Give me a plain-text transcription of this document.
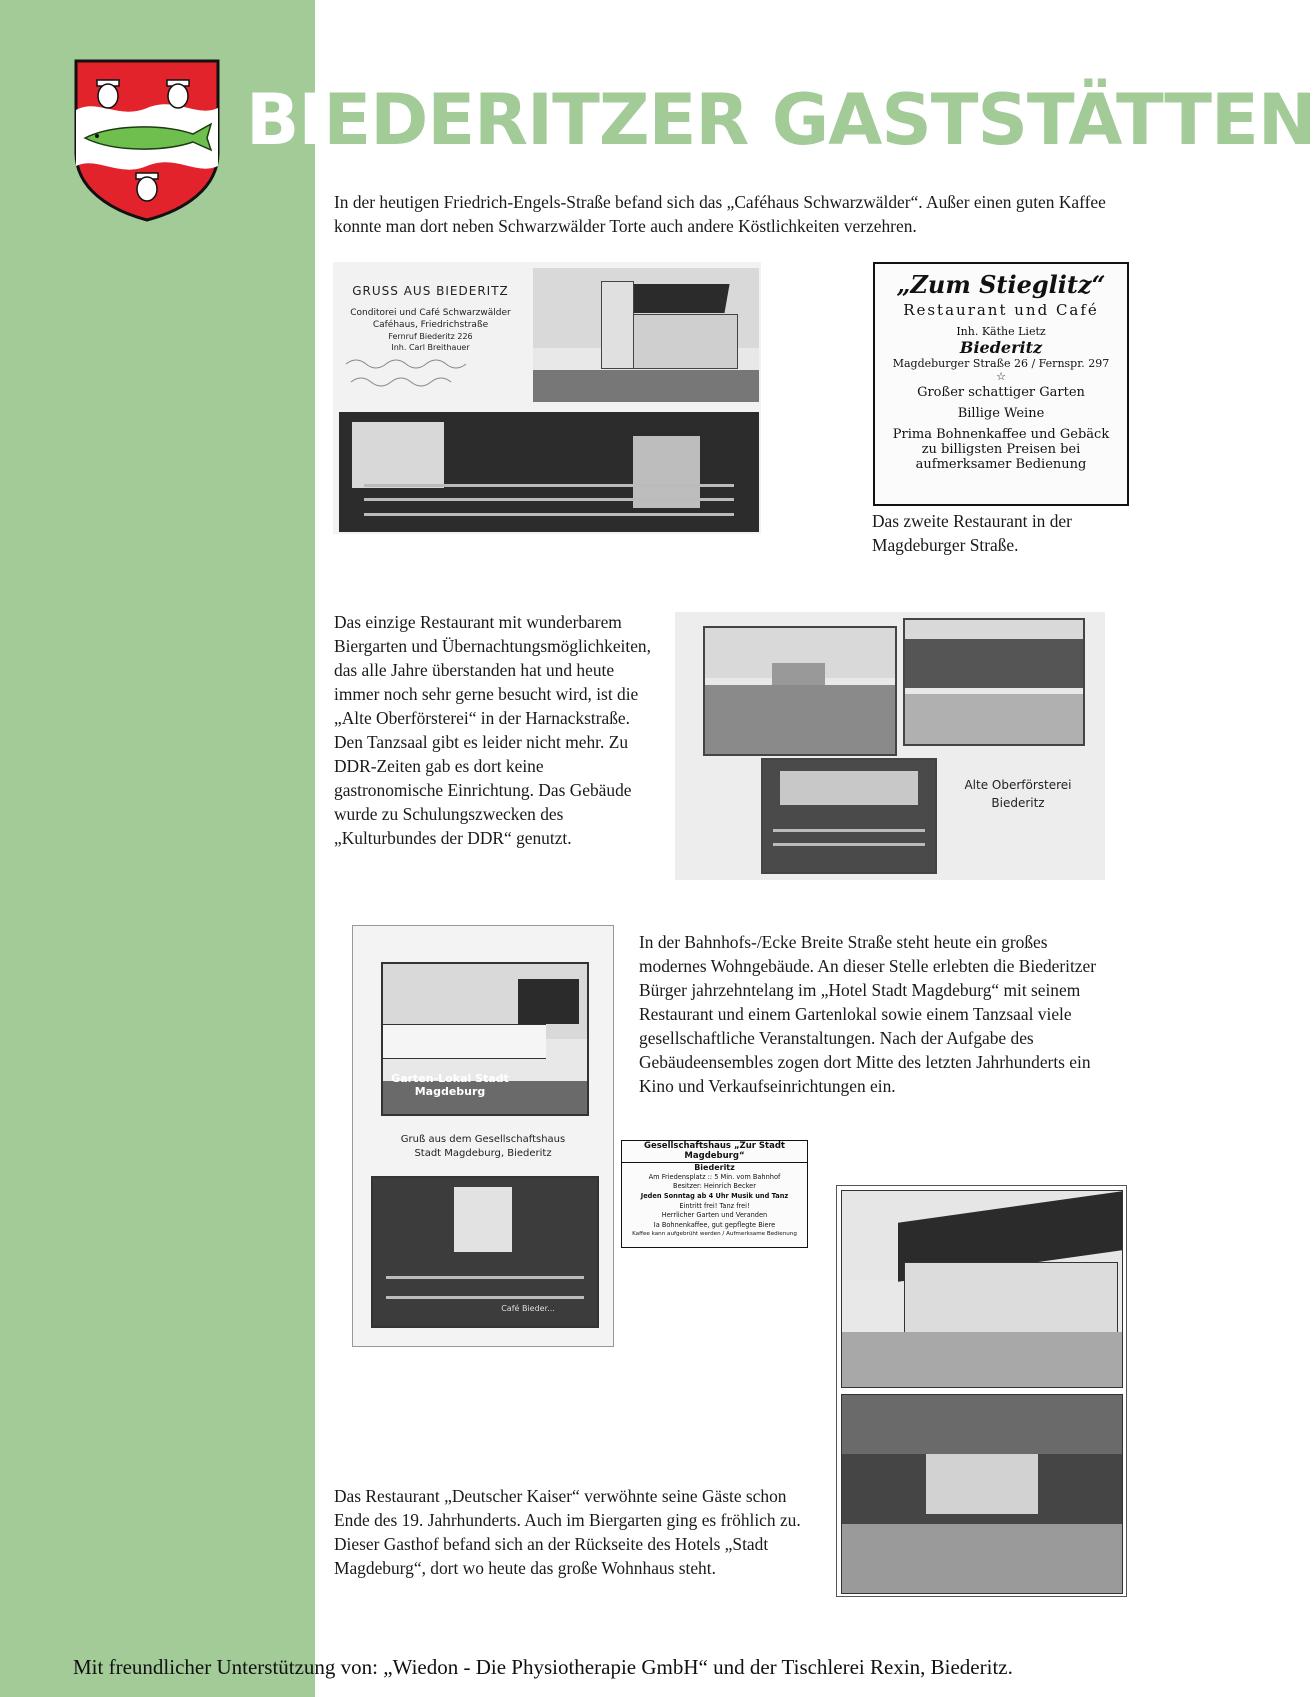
BIEDERITZER GASTSTÄTTEN

In der heutigen Friedrich-Engels-Straße befand sich das „Caféhaus Schwarzwälder“. Außer einen guten Kaffee konnte man dort neben Schwarzwälder Torte auch andere Köstlichkeiten verzehren.

GRUSS AUS BIEDERITZ
Conditorei und Café Schwarzwälder
Caféhaus, Friedrichstraße
Fernruf Biederitz 226
Inh. Carl Breithauer
„Zum Stieglitz“
Restaurant und Café
Inh. Käthe Lietz
Biederitz
Magdeburger Straße 26 / Fernspr. 297
☆
Großer schattiger Garten
Billige Weine
Prima Bohnenkaffee und Gebäck
zu billigsten Preisen bei
aufmerksamer Bedienung

Das zweite Restaurant in der Magdeburger Straße.

Das einzige Restaurant mit wunderbarem Biergarten und Übernachtungsmöglichkeiten, das alle Jahre überstanden hat und heute immer noch sehr gerne besucht wird, ist die „Alte Oberförsterei“ in der Harnackstraße. Den Tanzsaal gibt es leider nicht mehr. Zu DDR-Zeiten gab es dort keine gastronomische Einrichtung. Das Gebäude wurde zu Schulungszwecken des „Kulturbundes der DDR“ genutzt.

Alte Oberförsterei
Biederitz
Garten-Lokal Stadt Magdeburg
Gruß aus dem Gesellschaftshaus
Stadt Magdeburg, Biederitz
Café Bieder...

In der Bahnhofs-/Ecke Breite Straße steht heute ein großes modernes Wohngebäude. An dieser Stelle erlebten die Biederitzer Bürger jahrzehntelang im „Hotel Stadt Magdeburg“ mit seinem Restaurant und einem Gartenlokal sowie einem Tanzsaal viele gesellschaftliche Veranstaltungen. Nach der Aufgabe des Gebäudeensembles zogen dort Mitte des letzten Jahrhunderts ein Kino und Verkaufseinrichtungen ein.

Gesellschaftshaus „Zur Stadt Magdeburg“
Biederitz
Am Friedensplatz :: 5 Min. vom Bahnhof
Besitzer: Heinrich Becker
Jeden Sonntag ab 4 Uhr Musik und Tanz
Eintritt frei! Tanz frei!
Herrlicher Garten und Veranden
Ia Bohnenkaffee, gut gepflegte Biere
Kaffee kann aufgebrüht werden / Aufmerksame Bedienung

Das Restaurant „Deutscher Kaiser“ verwöhnte seine Gäste schon Ende des 19. Jahrhunderts. Auch im Biergarten ging es fröhlich zu. Dieser Gasthof befand sich an der Rückseite des Hotels „Stadt Magdeburg“, dort wo heute das große Wohnhaus steht.

Mit freundlicher Unterstützung von: „Wiedon - Die Physiotherapie GmbH“ und der Tischlerei Rexin, Biederitz.
